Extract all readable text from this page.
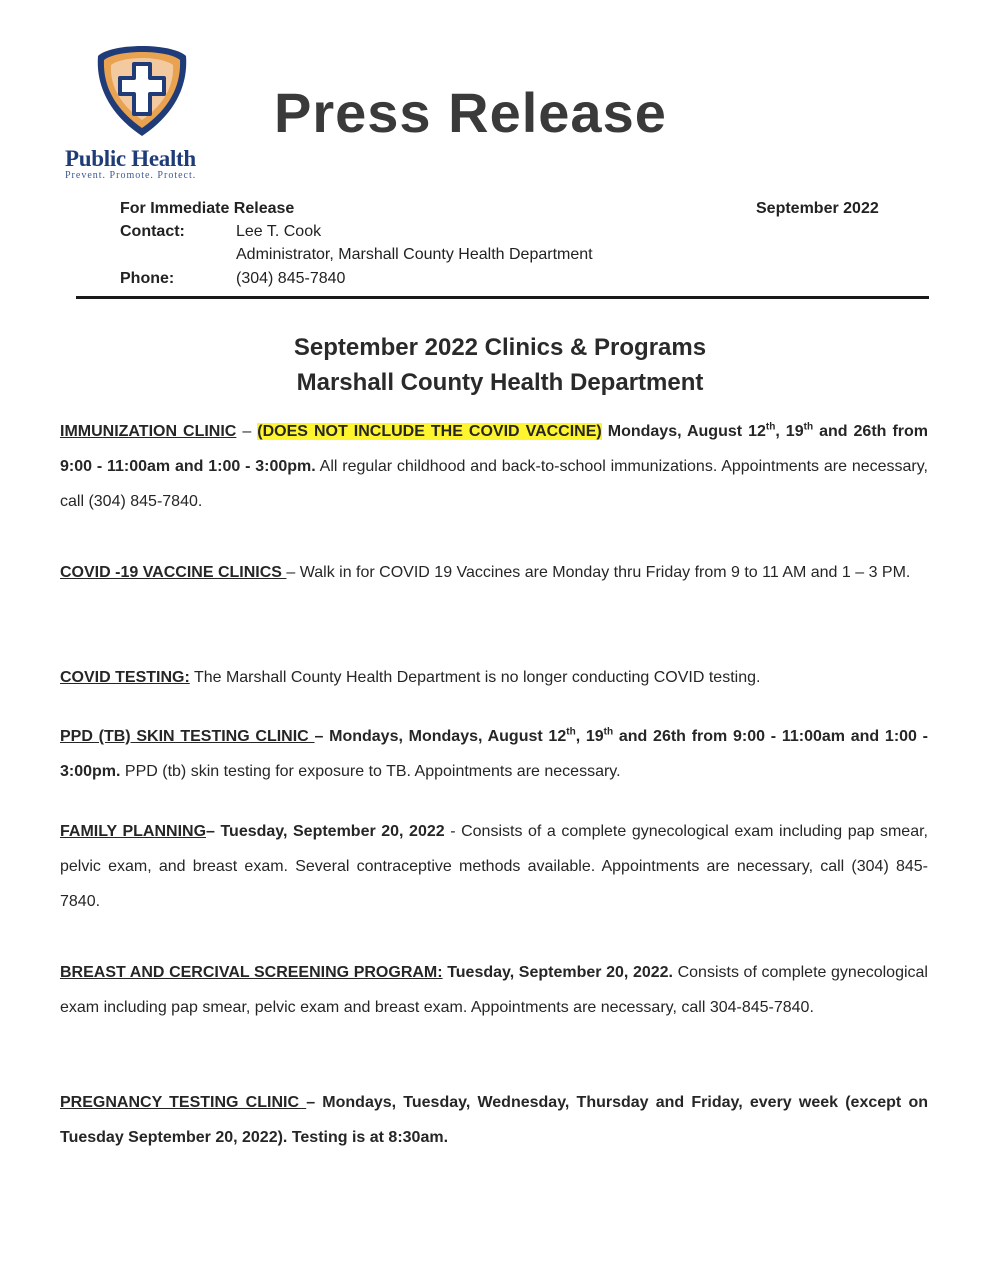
Public Health
Prevent. Promote. Protect.
Press Release
For Immediate Release	September 2022
Contact:	Lee T. Cook
Administrator, Marshall County Health Department
Phone:	(304) 845-7840
September 2022 Clinics & Programs
Marshall County Health Department
IMMUNIZATION CLINIC – (DOES NOT INCLUDE THE COVID VACCINE) Mondays, August 12th, 19th and 26th from 9:00 - 11:00am and 1:00 - 3:00pm. All regular childhood and back-to-school immunizations. Appointments are necessary, call (304) 845-7840.
COVID -19 VACCINE CLINICS – Walk in for COVID 19 Vaccines are Monday thru Friday from 9 to 11 AM and 1 – 3 PM.
COVID TESTING: The Marshall County Health Department is no longer conducting COVID testing.
PPD (TB) SKIN TESTING CLINIC – Mondays, Mondays, August 12th, 19th and 26th from 9:00 - 11:00am and 1:00 - 3:00pm. PPD (tb) skin testing for exposure to TB. Appointments are necessary.
FAMILY PLANNING– Tuesday, September 20, 2022 - Consists of a complete gynecological exam including pap smear, pelvic exam, and breast exam. Several contraceptive methods available. Appointments are necessary, call (304) 845-7840.
BREAST AND CERCIVAL SCREENING PROGRAM: Tuesday, September 20, 2022. Consists of complete gynecological exam including pap smear, pelvic exam and breast exam. Appointments are necessary, call 304-845-7840.
PREGNANCY TESTING CLINIC – Mondays, Tuesday, Wednesday, Thursday and Friday, every week (except on Tuesday September 20, 2022). Testing is at 8:30am.
